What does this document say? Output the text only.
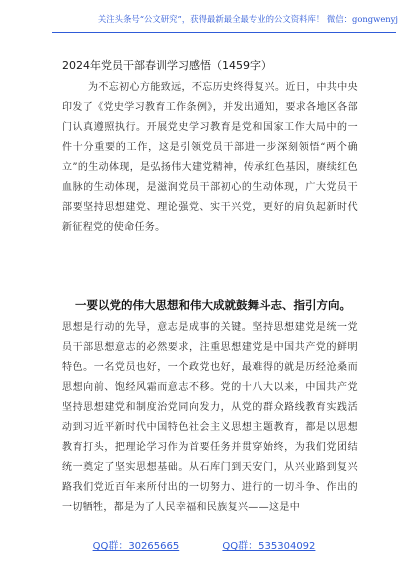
关注头条号“公文研究”，获得最新最全最专业的公文资料库！ 微信：gongwenyj
2024年党员干部春训学习感悟（1459字）
为不忘初心方能致远，不忘历史终得复兴。近日，中共中央印发了《党史学习教育工作条例》，并发出通知，要求各地区各部门认真遵照执行。开展党史学习教育是党和国家工作大局中的一件十分重要的工作，这是引领党员干部进一步深刻领悟“两个确立”的生动体现，是弘扬伟大建党精神，传承红色基因，赓续红色血脉的生动体现，是滋润党员干部初心的生动体现，广大党员干部要坚持思想建党、理论强党、实干兴党，更好的肩负起新时代新征程党的使命任务。
一要以党的伟大思想和伟大成就鼓舞斗志、指引方向。
思想是行动的先导，意志是成事的关键。坚持思想建党是统一党员干部思想意志的必然要求，注重思想建党是中国共产党的鲜明特色。一名党员也好，一个政党也好，最难得的就是历经沧桑而思想向前、饱经风霜而意志不移。党的十八大以来，中国共产党坚持思想建党和制度治党同向发力，从党的群众路线教育实践活动到习近平新时代中国特色社会主义思想主题教育，都是以思想教育打头，把理论学习作为首要任务并贯穿始终，为我们党团结统一奠定了坚实思想基础。从石库门到天安门，从兴业路到复兴路我们党近百年来所付出的一切努力、进行的一切斗争、作出的一切牺牲，都是为了人民幸福和民族复兴——这是中
QQ群：30265665	QQ群：535304092
